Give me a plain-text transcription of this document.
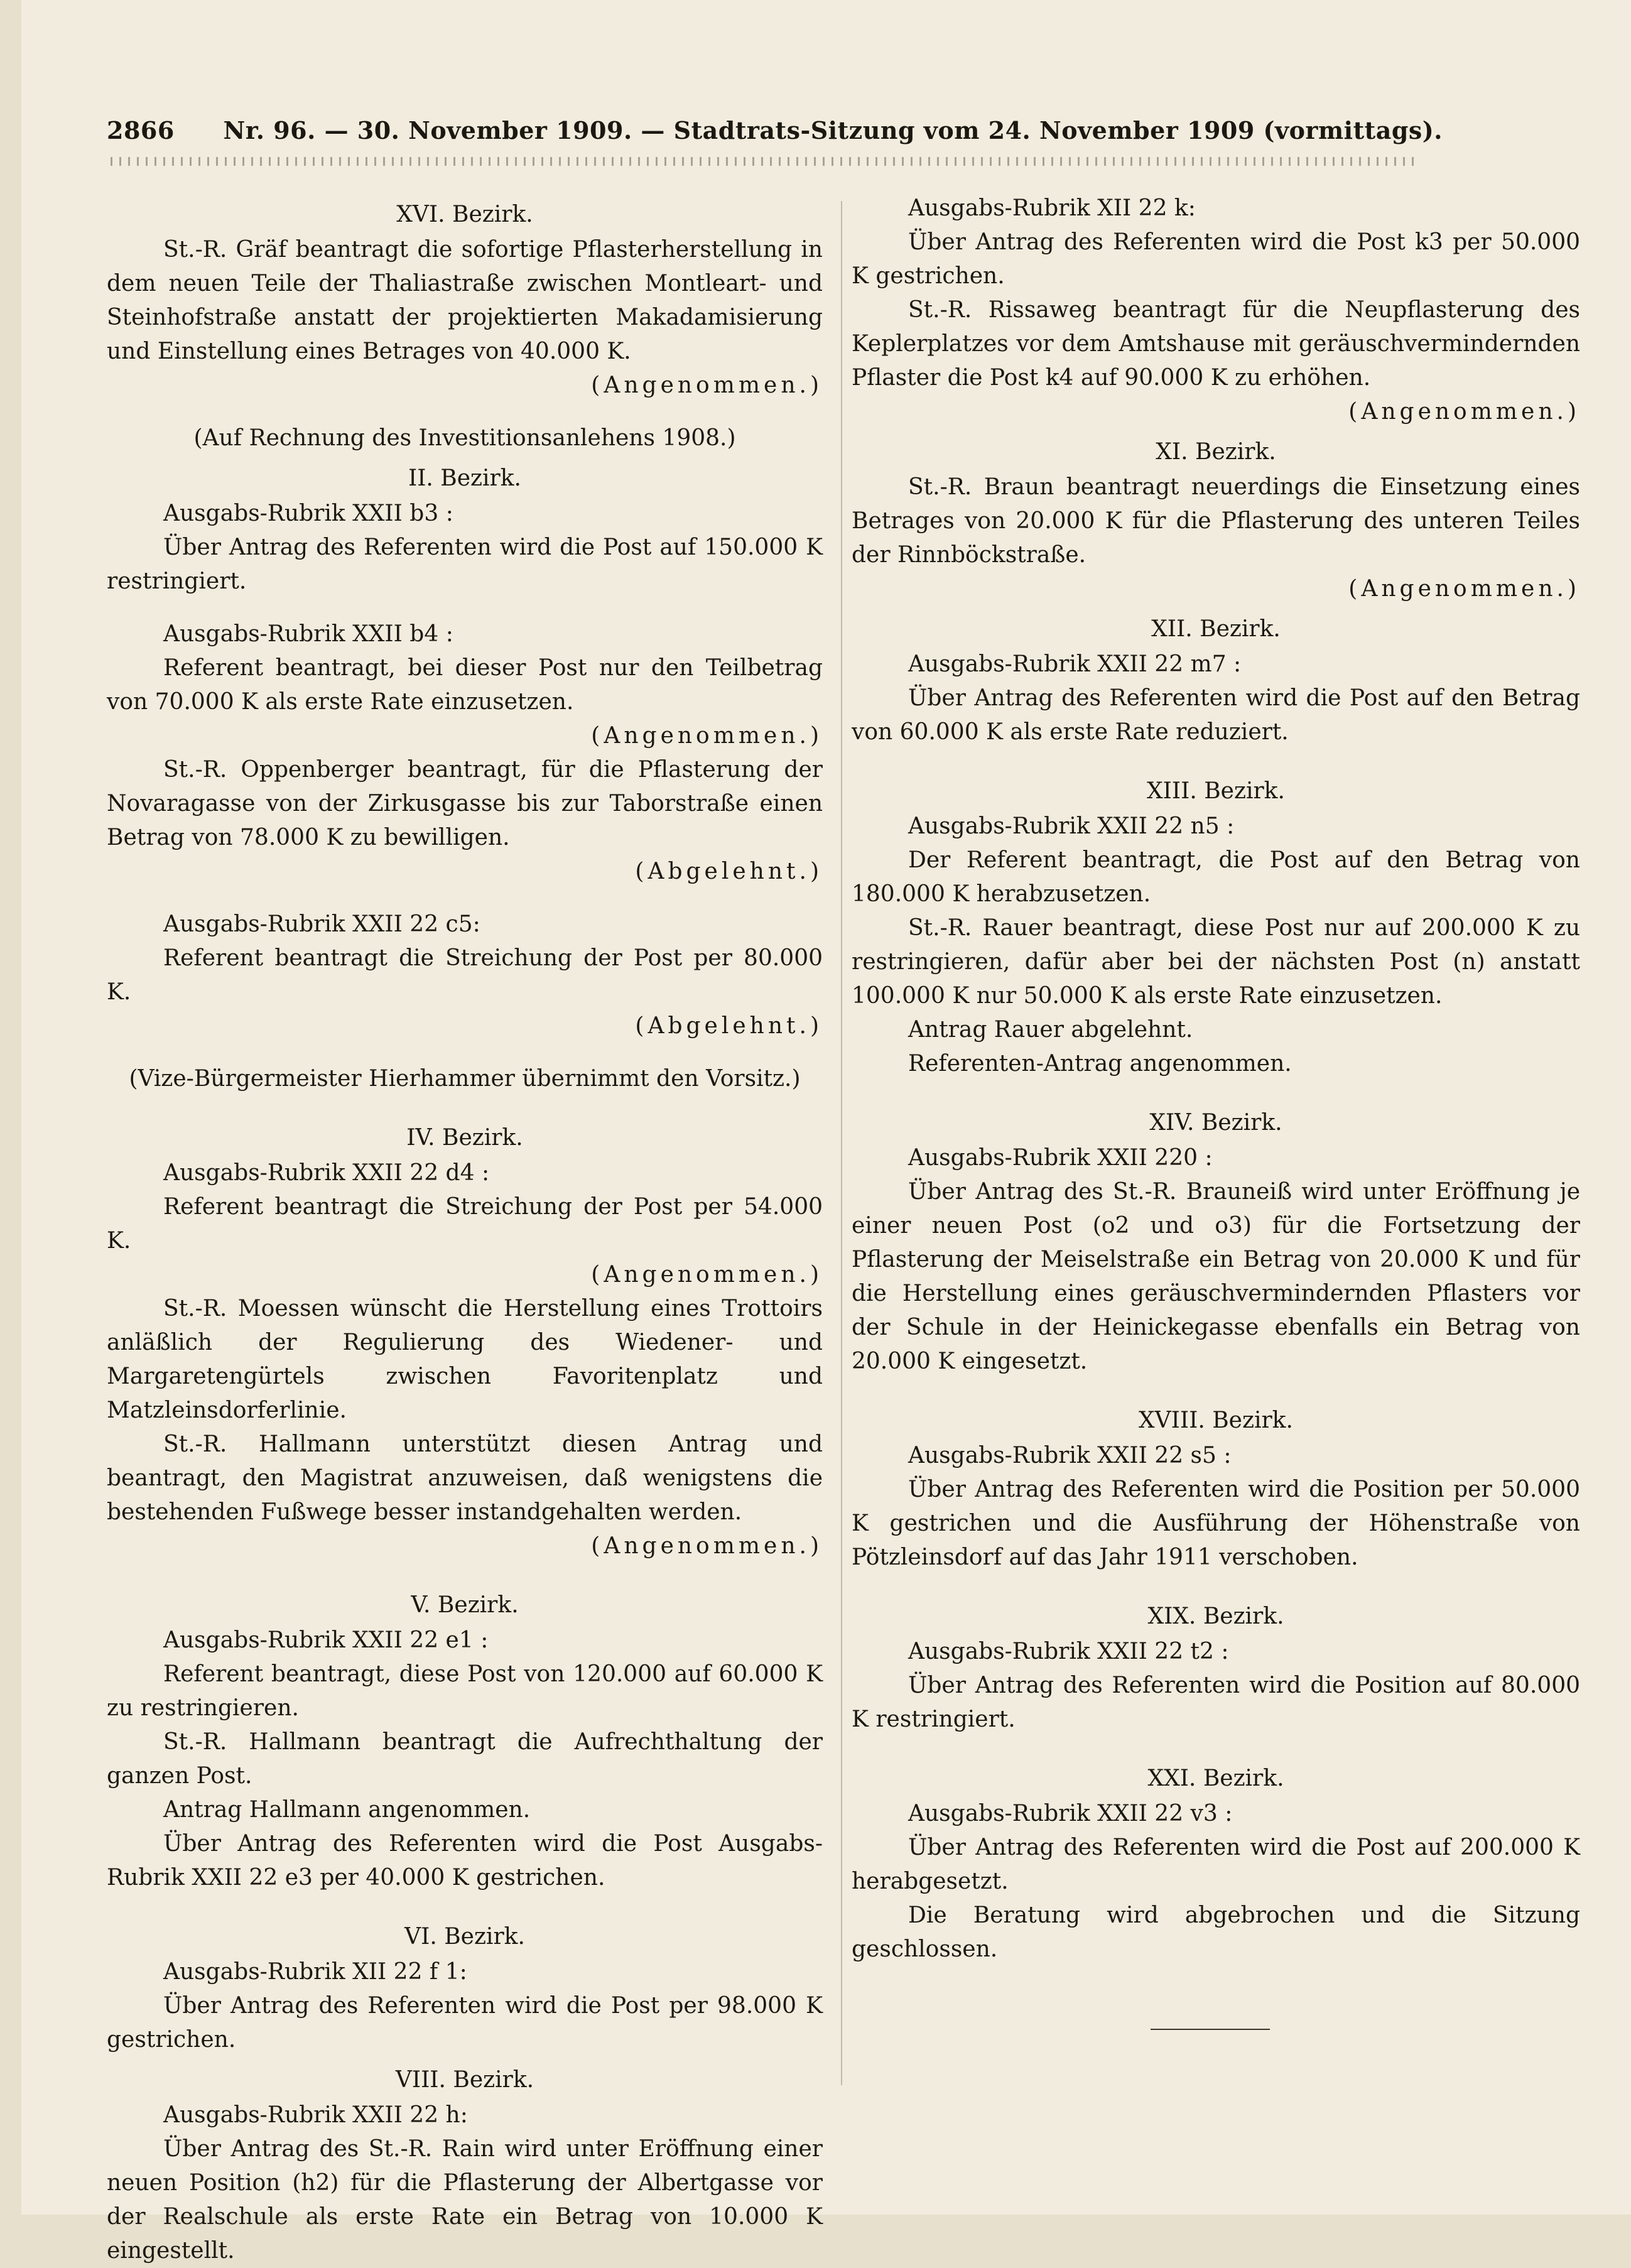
2866	Nr. 96. — 30. November 1909. — Stadtrats-Sitzung vom 24. November 1909 (vormittags).

XVI. Bezirk.

St.-R. Gräf beantragt die sofortige Pflasterherstellung in dem neuen Teile der Thaliastraße zwischen Montleart- und Steinhofstraße anstatt der projektierten Makadamisierung und Einstellung eines Betrages von 40.000 K.
(Angenommen.)

(Auf Rechnung des Investitionsanlehens 1908.)

II. Bezirk.

Ausgabs-Rubrik XXII b3 :

Über Antrag des Referenten wird die Post auf 150.000 K restringiert.

Ausgabs-Rubrik XXII b4 :

Referent beantragt, bei dieser Post nur den Teilbetrag von 70.000 K als erste Rate einzusetzen.
(Angenommen.)

St.-R. Oppenberger beantragt, für die Pflasterung der Novaragasse von der Zirkusgasse bis zur Taborstraße einen Betrag von 78.000 K zu bewilligen.
(Abgelehnt.)

Ausgabs-Rubrik XXII 22 c5:

Referent beantragt die Streichung der Post per 80.000 K.
(Abgelehnt.)

(Vize-Bürgermeister Hierhammer übernimmt den Vorsitz.)

IV. Bezirk.

Ausgabs-Rubrik XXII 22 d4 :

Referent beantragt die Streichung der Post per 54.000 K.
(Angenommen.)

St.-R. Moessen wünscht die Herstellung eines Trottoirs anläßlich der Regulierung des Wiedener- und Margaretengürtels zwischen Favoritenplatz und Matzleinsdorferlinie.

St.-R. Hallmann unterstützt diesen Antrag und beantragt, den Magistrat anzuweisen, daß wenigstens die bestehenden Fußwege besser instandgehalten werden.
(Angenommen.)

V. Bezirk.

Ausgabs-Rubrik XXII 22 e1 :

Referent beantragt, diese Post von 120.000 auf 60.000 K zu restringieren.

St.-R. Hallmann beantragt die Aufrechthaltung der ganzen Post.

Antrag Hallmann angenommen.

Über Antrag des Referenten wird die Post Ausgabs-Rubrik XXII 22 e3 per 40.000 K gestrichen.

VI. Bezirk.

Ausgabs-Rubrik XII 22 f 1:

Über Antrag des Referenten wird die Post per 98.000 K gestrichen.

VIII. Bezirk.

Ausgabs-Rubrik XXII 22 h:

Über Antrag des St.-R. Rain wird unter Eröffnung einer neuen Position (h2) für die Pflasterung der Albertgasse vor der Realschule als erste Rate ein Betrag von 10.000 K eingestellt.

Ausgabs-Rubrik XII 22 k:

Über Antrag des Referenten wird die Post k3 per 50.000 K gestrichen.

St.-R. Rissaweg beantragt für die Neupflasterung des Keplerplatzes vor dem Amtshause mit geräuschvermindernden Pflaster die Post k4 auf 90.000 K zu erhöhen.
(Angenommen.)

XI. Bezirk.

St.-R. Braun beantragt neuerdings die Einsetzung eines Betrages von 20.000 K für die Pflasterung des unteren Teiles der Rinnböckstraße.
(Angenommen.)

XII. Bezirk.

Ausgabs-Rubrik XXII 22 m7 :

Über Antrag des Referenten wird die Post auf den Betrag von 60.000 K als erste Rate reduziert.

XIII. Bezirk.

Ausgabs-Rubrik XXII 22 n5 :

Der Referent beantragt, die Post auf den Betrag von 180.000 K herabzusetzen.

St.-R. Rauer beantragt, diese Post nur auf 200.000 K zu restringieren, dafür aber bei der nächsten Post (n) anstatt 100.000 K nur 50.000 K als erste Rate einzusetzen.

Antrag Rauer abgelehnt.

Referenten-Antrag angenommen.

XIV. Bezirk.

Ausgabs-Rubrik XXII 220 :

Über Antrag des St.-R. Brauneiß wird unter Eröffnung je einer neuen Post (o2 und o3) für die Fortsetzung der Pflasterung der Meiselstraße ein Betrag von 20.000 K und für die Herstellung eines geräuschvermindernden Pflasters vor der Schule in der Heinickegasse ebenfalls ein Betrag von 20.000 K eingesetzt.

XVIII. Bezirk.

Ausgabs-Rubrik XXII 22 s5 :

Über Antrag des Referenten wird die Position per 50.000 K gestrichen und die Ausführung der Höhenstraße von Pötzleinsdorf auf das Jahr 1911 verschoben.

XIX. Bezirk.

Ausgabs-Rubrik XXII 22 t2 :

Über Antrag des Referenten wird die Position auf 80.000 K restringiert.

XXI. Bezirk.

Ausgabs-Rubrik XXII 22 v3 :

Über Antrag des Referenten wird die Post auf 200.000 K herabgesetzt.

Die Beratung wird abgebrochen und die Sitzung geschlossen.
